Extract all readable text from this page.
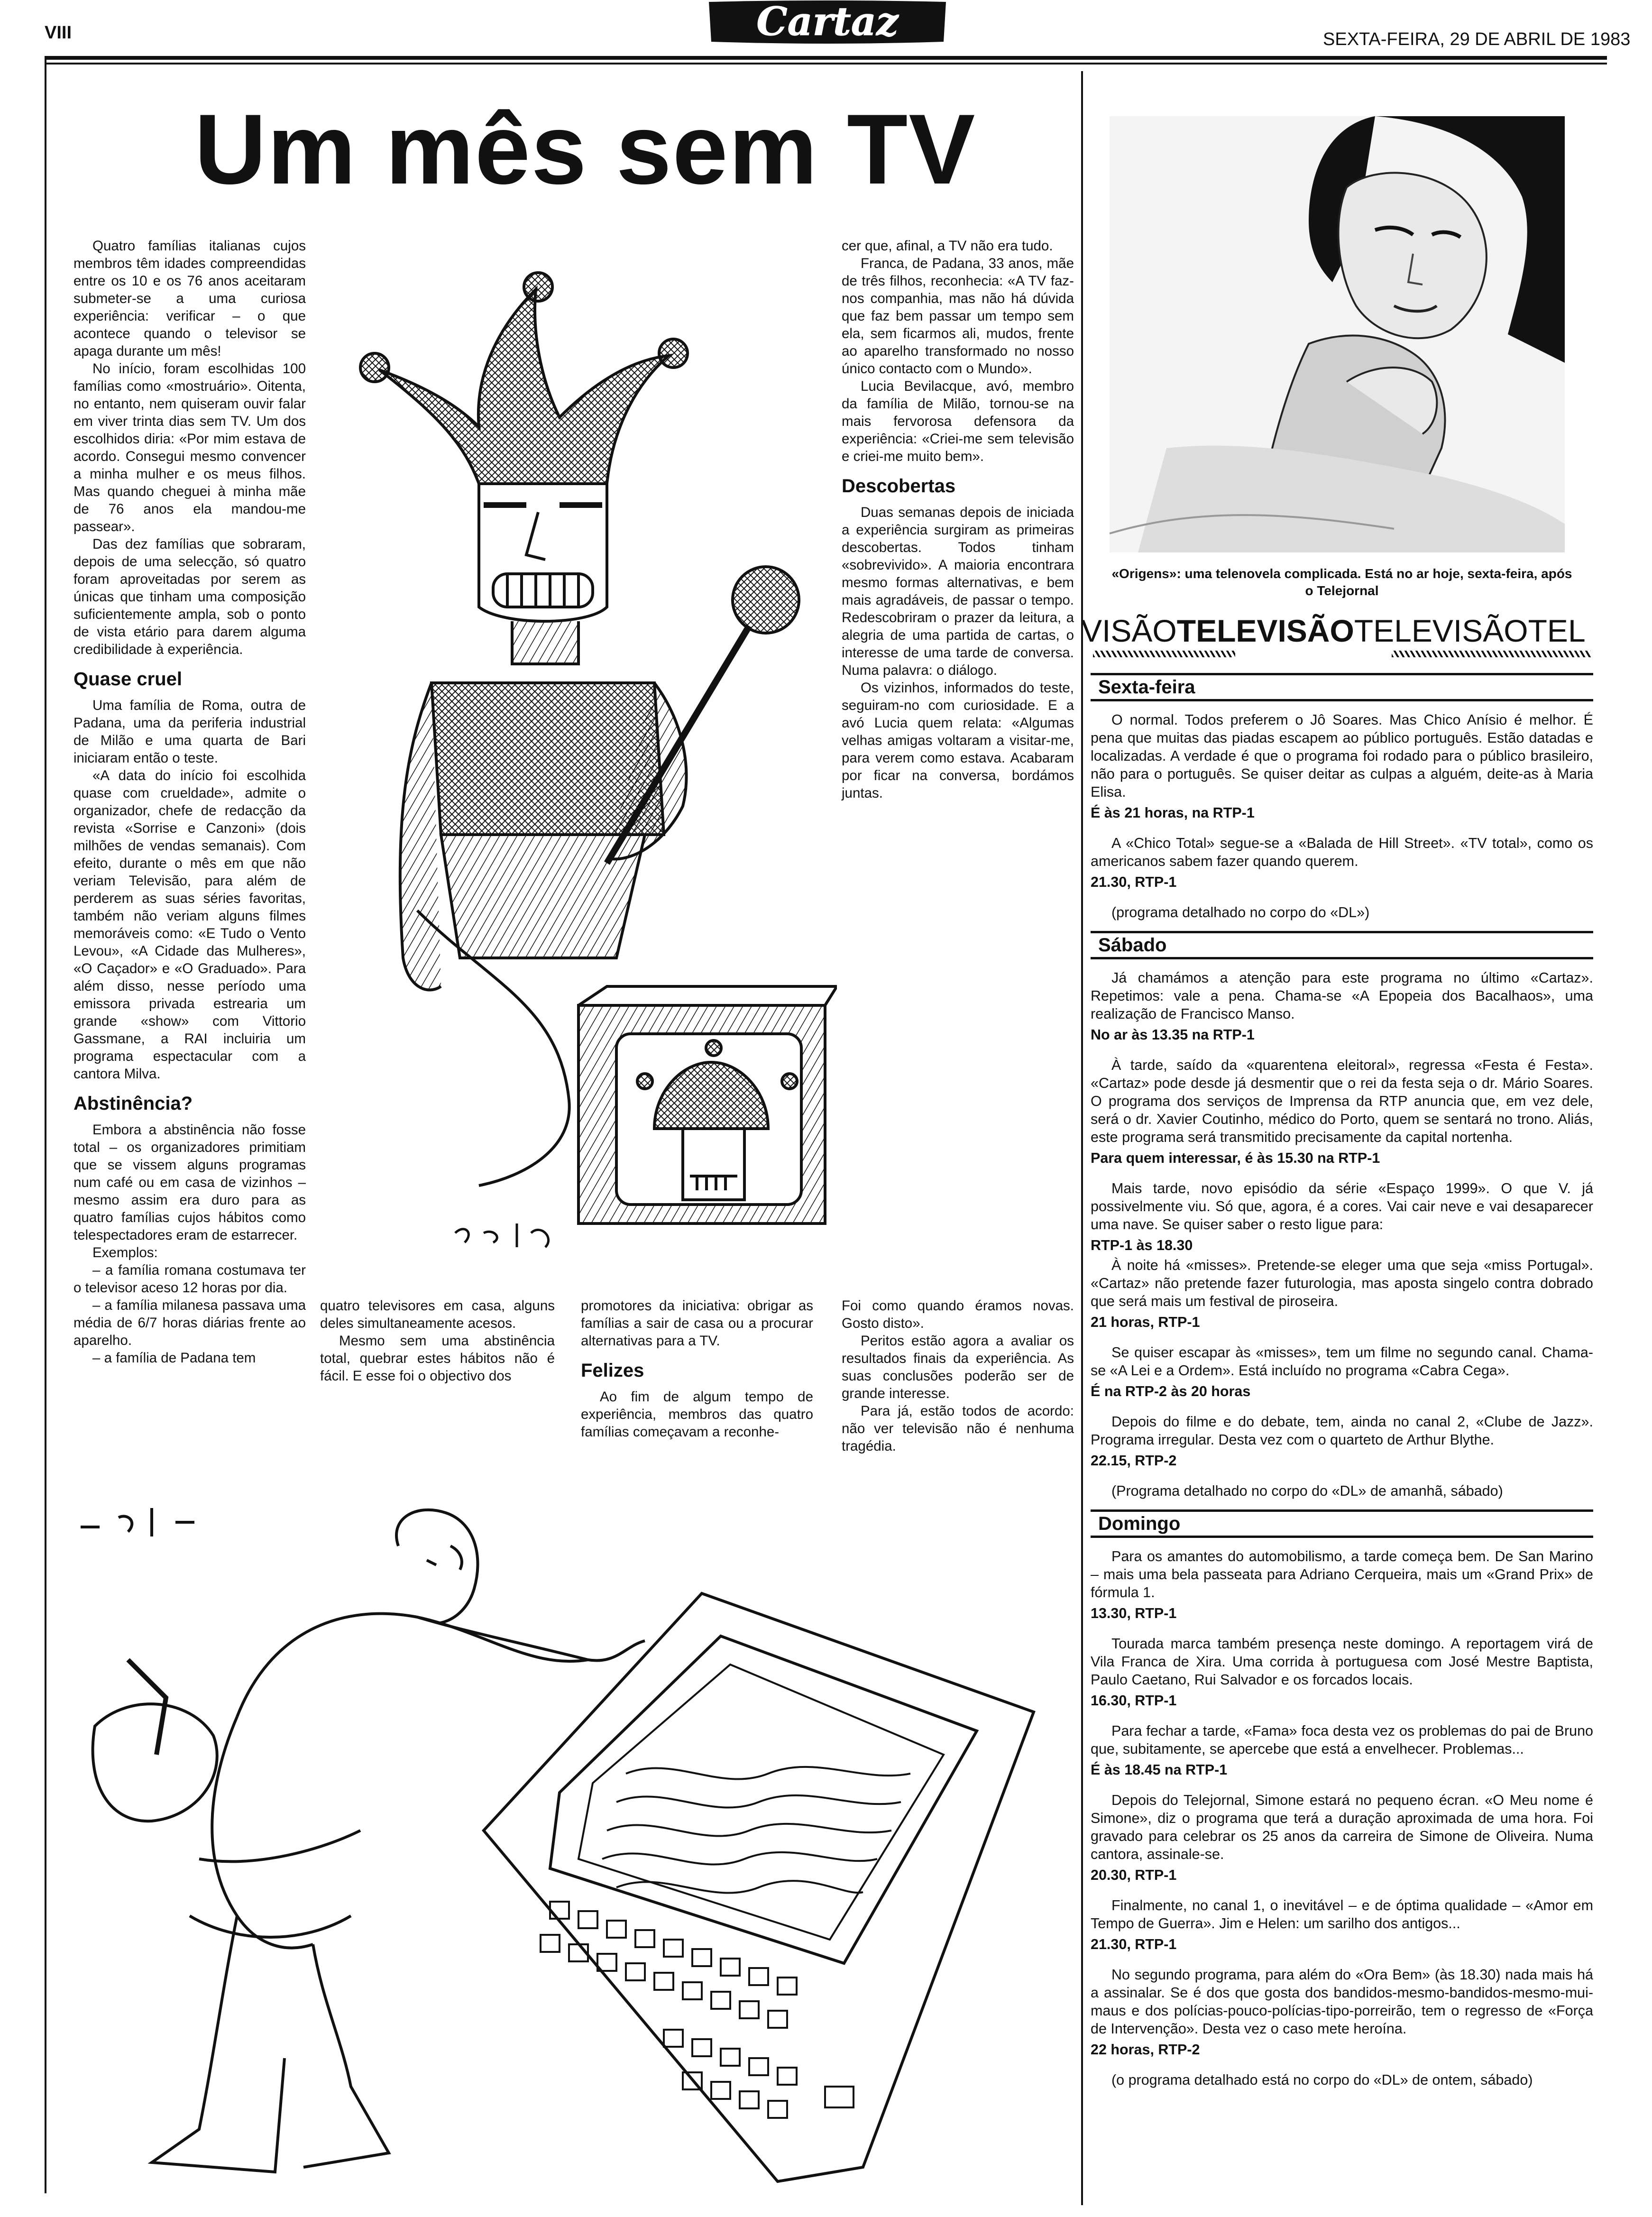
VIII	Cartaz	SEXTA-FEIRA, 29 DE ABRIL DE 1983
Um mês sem TV

Quatro famílias italianas cujos membros têm idades compreendidas entre os 10 e os 76 anos aceitaram submeter-se a uma curiosa experiência: verificar – o que acontece quando o televisor se apaga durante um mês!

No início, foram escolhidas 100 famílias como «mostruário». Oitenta, no entanto, nem quiseram ouvir falar em viver trinta dias sem TV. Um dos escolhidos diria: «Por mim estava de acordo. Consegui mesmo convencer a minha mulher e os meus filhos. Mas quando cheguei à minha mãe de 76 anos ela mandou-me passear».

Das dez famílias que sobraram, depois de uma selecção, só quatro foram aproveitadas por serem as únicas que tinham uma composição suficientemente ampla, sob o ponto de vista etário para darem alguma credibilidade à experiência.

Quase cruel

Uma família de Roma, outra de Padana, uma da periferia industrial de Milão e uma quarta de Bari iniciaram então o teste.

«A data do início foi escolhida quase com crueldade», admite o organizador, chefe de redacção da revista «Sorrise e Canzoni» (dois milhões de vendas semanais). Com efeito, durante o mês em que não veriam Televisão, para além de perderem as suas séries favoritas, também não veriam alguns filmes memoráveis como: «E Tudo o Vento Levou», «A Cidade das Mulheres», «O Caçador» e «O Graduado». Para além disso, nesse período uma emissora privada estrearia um grande «show» com Vittorio Gassmane, a RAI incluiria um programa espectacular com a cantora Milva.

Abstinência?

Embora a abstinência não fosse total – os organizadores primitiam que se vissem alguns programas num café ou em casa de vizinhos – mesmo assim era duro para as quatro famílias cujos hábitos como telespectadores eram de estarrecer.

Exemplos:

– a família romana costumava ter o televisor aceso 12 horas por dia.

– a família milanesa passava uma média de 6/7 horas diárias frente ao aparelho.

– a família de Padana tem

quatro televisores em casa, alguns deles simultaneamente acesos.

Mesmo sem uma abstinência total, quebrar estes hábitos não é fácil. E esse foi o objectivo dos

promotores da iniciativa: obrigar as famílias a sair de casa ou a procurar alternativas para a TV.

Felizes

Ao fim de algum tempo de experiência, membros das quatro famílias começavam a reconhe-

cer que, afinal, a TV não era tudo.

Franca, de Padana, 33 anos, mãe de três filhos, reconhecia: «A TV faz-nos companhia, mas não há dúvida que faz bem passar um tempo sem ela, sem ficarmos ali, mudos, frente ao aparelho transformado no nosso único contacto com o Mundo».

Lucia Bevilacque, avó, membro da família de Milão, tornou-se na mais fervorosa defensora da experiência: «Criei-me sem televisão e criei-me muito bem».

Descobertas

Duas semanas depois de iniciada a experiência surgiram as primeiras descobertas. Todos tinham «sobrevivido». A maioria encontrara mesmo formas alternativas, e bem mais agradáveis, de passar o tempo. Redescobriram o prazer da leitura, a alegria de uma partida de cartas, o interesse de uma tarde de conversa. Numa palavra: o diálogo.

Os vizinhos, informados do teste, seguiram-no com curiosidade. E a avó Lucia quem relata: «Algumas velhas amigas voltaram a visitar-me, para verem como estava. Acabaram por ficar na conversa, bordámos juntas.

Foi como quando éramos novas. Gosto disto».

Peritos estão agora a avaliar os resultados finais da experiência. As suas conclusões poderão ser de grande interesse.

Para já, estão todos de acordo: não ver televisão não é nenhuma tragédia.

«Origens»: uma telenovela complicada. Está no ar hoje, sexta-feira, após o Telejornal
VISÃOTELEVISÃOTELEVISÃOTEL
Sexta-feira

O normal. Todos preferem o Jô Soares. Mas Chico Anísio é melhor. É pena que muitas das piadas escapem ao público português. Estão datadas e localizadas. A verdade é que o programa foi rodado para o público brasileiro, não para o português. Se quiser deitar as culpas a alguém, deite-as à Maria Elisa.

É às 21 horas, na RTP-1

A «Chico Total» segue-se a «Balada de Hill Street». «TV total», como os americanos sabem fazer quando querem.

21.30, RTP-1

(programa detalhado no corpo do «DL»)

Sábado

Já chamámos a atenção para este programa no último «Cartaz». Repetimos: vale a pena. Chama-se «A Epopeia dos Bacalhaos», uma realização de Francisco Manso.

No ar às 13.35 na RTP-1

À tarde, saído da «quarentena eleitoral», regressa «Festa é Festa». «Cartaz» pode desde já desmentir que o rei da festa seja o dr. Mário Soares. O programa dos serviços de Imprensa da RTP anuncia que, em vez dele, será o dr. Xavier Coutinho, médico do Porto, quem se sentará no trono. Aliás, este programa será transmitido precisamente da capital nortenha.

Para quem interessar, é às 15.30 na RTP-1

Mais tarde, novo episódio da série «Espaço 1999». O que V. já possivelmente viu. Só que, agora, é a cores. Vai cair neve e vai desaparecer uma nave. Se quiser saber o resto ligue para:

RTP-1 às 18.30

À noite há «misses». Pretende-se eleger uma que seja «miss Portugal». «Cartaz» não pretende fazer futurologia, mas aposta singelo contra dobrado que será mais um festival de piroseira.

21 horas, RTP-1

Se quiser escapar às «misses», tem um filme no segundo canal. Chama-se «A Lei e a Ordem». Está incluído no programa «Cabra Cega».

É na RTP-2 às 20 horas

Depois do filme e do debate, tem, ainda no canal 2, «Clube de Jazz». Programa irregular. Desta vez com o quarteto de Arthur Blythe.

22.15, RTP-2

(Programa detalhado no corpo do «DL» de amanhã, sábado)

Domingo

Para os amantes do automobilismo, a tarde começa bem. De San Marino – mais uma bela passeata para Adriano Cerqueira, mais um «Grand Prix» de fórmula 1.

13.30, RTP-1

Tourada marca também presença neste domingo. A reportagem virá de Vila Franca de Xira. Uma corrida à portuguesa com José Mestre Baptista, Paulo Caetano, Rui Salvador e os forcados locais.

16.30, RTP-1

Para fechar a tarde, «Fama» foca desta vez os problemas do pai de Bruno que, subitamente, se apercebe que está a envelhecer. Problemas...

É às 18.45 na RTP-1

Depois do Telejornal, Simone estará no pequeno écran. «O Meu nome é Simone», diz o programa que terá a duração aproximada de uma hora. Foi gravado para celebrar os 25 anos da carreira de Simone de Oliveira. Numa cantora, assinale-se.

20.30, RTP-1

Finalmente, no canal 1, o inevitável – e de óptima qualidade – «Amor em Tempo de Guerra». Jim e Helen: um sarilho dos antigos...

21.30, RTP-1

No segundo programa, para além do «Ora Bem» (às 18.30) nada mais há a assinalar. Se é dos que gosta dos bandidos-mesmo-bandidos-mesmo-mui-maus e dos polícias-pouco-polícias-tipo-porreirão, tem o regresso de «Força de Intervenção». Desta vez o caso mete heroína.

22 horas, RTP-2

(o programa detalhado está no corpo do «DL» de ontem, sábado)
